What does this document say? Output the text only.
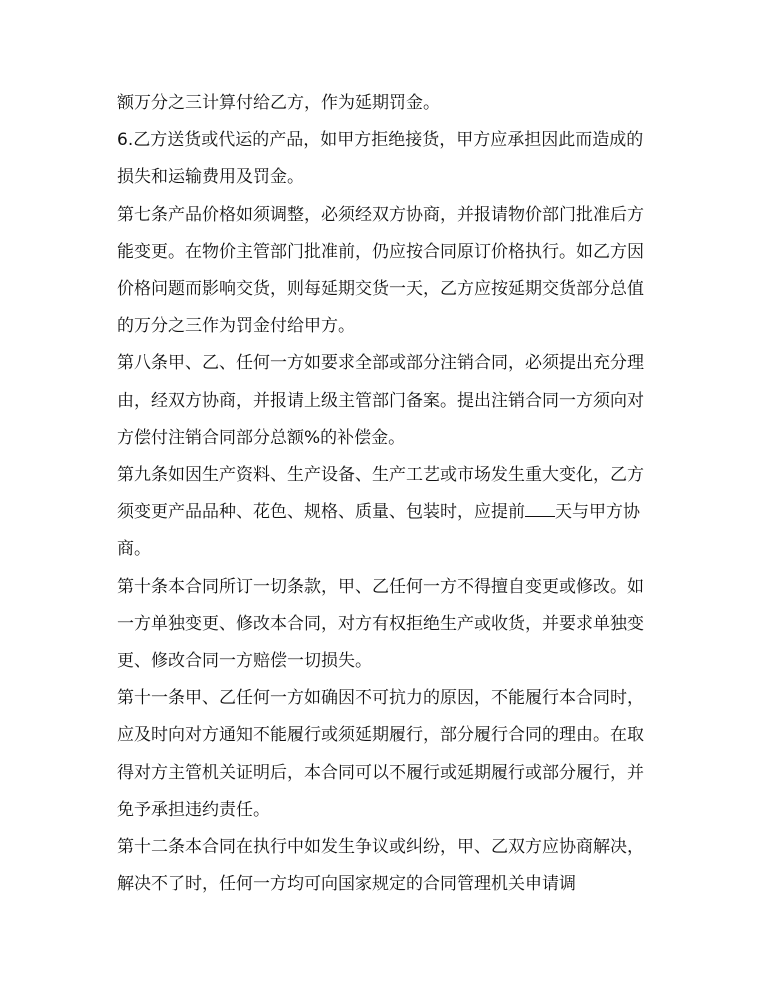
额万分之三计算付给乙方，作为延期罚金。

6.乙方送货或代运的产品，如甲方拒绝接货，甲方应承担因此而造成的损失和运输费用及罚金。

第七条产品价格如须调整，必须经双方协商，并报请物价部门批准后方能变更。在物价主管部门批准前，仍应按合同原订价格执行。如乙方因价格问题而影响交货，则每延期交货一天，乙方应按延期交货部分总值的万分之三作为罚金付给甲方。

第八条甲、乙、任何一方如要求全部或部分注销合同，必须提出充分理由，经双方协商，并报请上级主管部门备案。提出注销合同一方须向对方偿付注销合同部分总额%的补偿金。

第九条如因生产资料、生产设备、生产工艺或市场发生重大变化，乙方须变更产品品种、花色、规格、质量、包装时，应提前 天与甲方协商。

第十条本合同所订一切条款，甲、乙任何一方不得擅自变更或修改。如一方单独变更、修改本合同，对方有权拒绝生产或收货，并要求单独变更、修改合同一方赔偿一切损失。

第十一条甲、乙任何一方如确因不可抗力的原因，不能履行本合同时，应及时向对方通知不能履行或须延期履行，部分履行合同的理由。在取得对方主管机关证明后，本合同可以不履行或延期履行或部分履行，并免予承担违约责任。

第十二条本合同在执行中如发生争议或纠纷，甲、乙双方应协商解决，解决不了时，任何一方均可向国家规定的合同管理机关申请调
